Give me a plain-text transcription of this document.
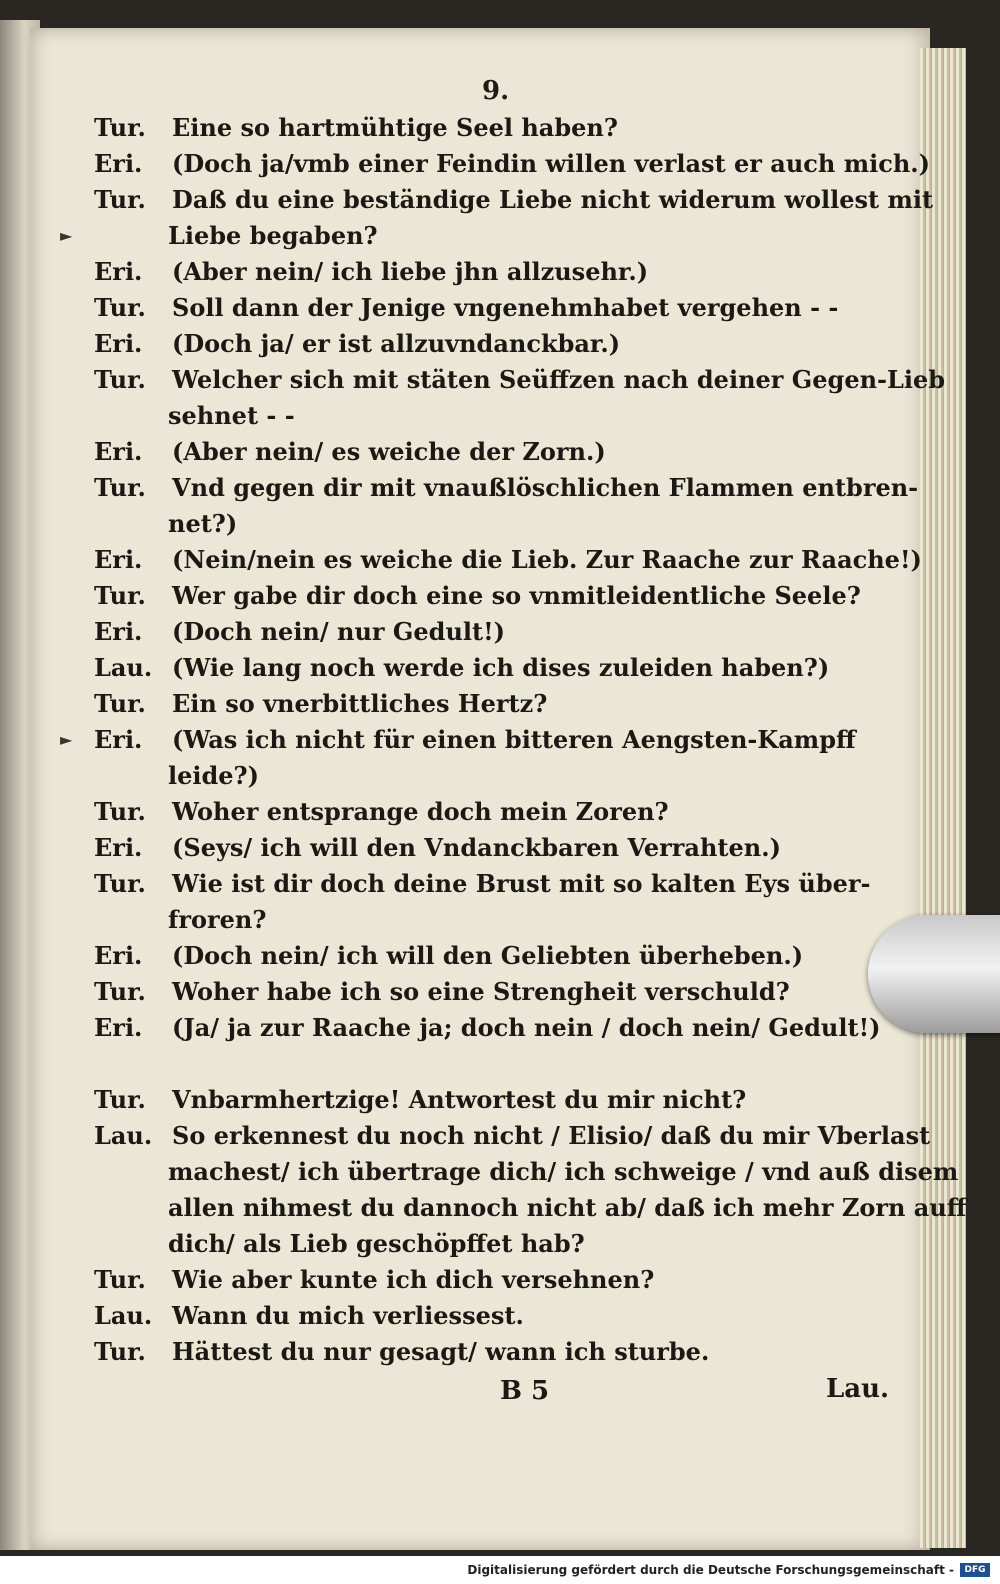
9.
Tur. Eine so hartmühtige Seel haben?
Eri. (Doch ja/vmb einer Feindin willen verlast er auch mich.)
Tur. Daß du eine beständige Liebe nicht widerum wollest mit
Liebe begaben?
Eri. (Aber nein/ ich liebe jhn allzusehr.)
Tur. Soll dann der Jenige vngenehmhabet vergehen - -
Eri. (Doch ja/ er ist allzuvndanckbar.)
Tur. Welcher sich mit stäten Seüffzen nach deiner Gegen-Lieb
sehnet - -
Eri. (Aber nein/ es weiche der Zorn.)
Tur. Vnd gegen dir mit vnaußlöschlichen Flammen entbren-
net?)
Eri. (Nein/nein es weiche die Lieb. Zur Raache zur Raache!)
Tur. Wer gabe dir doch eine so vnmitleidentliche Seele?
Eri. (Doch nein/ nur Gedult!)
Lau. (Wie lang noch werde ich dises zuleiden haben?)
Tur. Ein so vnerbittliches Hertz?
Eri. (Was ich nicht für einen bitteren Aengsten-Kampff
leide?)
Tur. Woher entsprange doch mein Zoren?
Eri. (Seys/ ich will den Vndanckbaren Verrahten.)
Tur. Wie ist dir doch deine Brust mit so kalten Eys über-
froren?
Eri. (Doch nein/ ich will den Geliebten überheben.)
Tur. Woher habe ich so eine Strengheit verschuld?
Eri. (Ja/ ja zur Raache ja; doch nein / doch nein/ Gedult!)
Tur. Vnbarmhertzige! Antwortest du mir nicht?
Lau. So erkennest du noch nicht / Elisio/ daß du mir Vberlast
machest/ ich übertrage dich/ ich schweige / vnd auß disem
allen nihmest du dannoch nicht ab/ daß ich mehr Zorn auff
dich/ als Lieb geschöpffet hab?
Tur. Wie aber kunte ich dich versehnen?
Lau. Wann du mich verliessest.
Tur. Hättest du nur gesagt/ wann ich sturbe.
►
►
B 5	Lau.
Digitalisierung gefördert durch die Deutsche Forschungsgemeinschaft -	DFG
